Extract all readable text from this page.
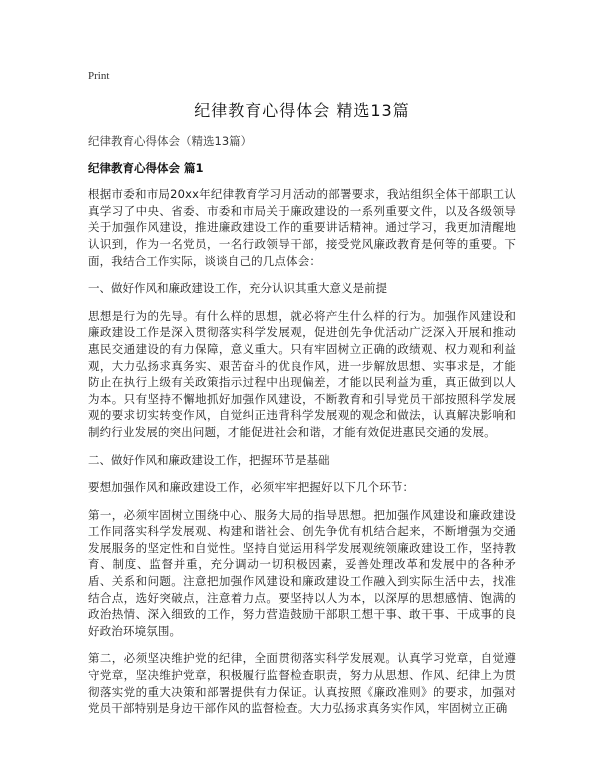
Print
纪律教育心得体会 精选13篇

纪律教育心得体会（精选13篇）

纪律教育心得体会 篇1

根据市委和市局20xx年纪律教育学习月活动的部署要求，我站组织全体干部职工认真学习了中央、省委、市委和市局关于廉政建设的一系列重要文件，以及各级领导关于加强作风建设，推进廉政建设工作的重要讲话精神。通过学习，我更加清醒地认识到，作为一名党员，一名行政领导干部，接受党风廉政教育是何等的重要。下面，我结合工作实际，谈谈自己的几点体会：

一、做好作风和廉政建设工作，充分认识其重大意义是前提

思想是行为的先导。有什么样的思想，就必将产生什么样的行为。加强作风建设和廉政建设工作是深入贯彻落实科学发展观，促进创先争优活动广泛深入开展和推动惠民交通建设的有力保障，意义重大。只有牢固树立正确的政绩观、权力观和利益观，大力弘扬求真务实、艰苦奋斗的优良作风，进一步解放思想、实事求是，才能防止在执行上级有关政策指示过程中出现偏差，才能以民利益为重，真正做到以人为本。只有坚持不懈地抓好加强作风建设，不断教育和引导党员干部按照科学发展观的要求切实转变作风，自觉纠正违背科学发展观的观念和做法，认真解决影响和制约行业发展的突出问题，才能促进社会和谐，才能有效促进惠民交通的发展。

二、做好作风和廉政建设工作，把握环节是基础

要想加强作风和廉政建设工作，必须牢牢把握好以下几个环节：

第一，必须牢固树立围绕中心、服务大局的指导思想。把加强作风建设和廉政建设工作同落实科学发展观、构建和谐社会、创先争优有机结合起来，不断增强为交通发展服务的坚定性和自觉性。坚持自觉运用科学发展观统领廉政建设工作，坚持教育、制度、监督并重，充分调动一切积极因素，妥善处理改革和发展中的各种矛盾、关系和问题。注意把加强作风建设和廉政建设工作融入到实际生活中去，找准结合点，选好突破点，注意着力点。要坚持以人为本，以深厚的思想感情、饱满的政治热情、深入细致的工作，努力营造鼓励干部职工想干事、敢干事、干成事的良好政治环境氛围。

第二，必须坚决维护党的纪律，全面贯彻落实科学发展观。认真学习党章，自觉遵守党章，坚决维护党章，积极履行监督检查职责，努力从思想、作风、纪律上为贯彻落实党的重大决策和部署提供有力保证。认真按照《廉政准则》的要求，加强对党员干部特别是身边干部作风的监督检查。大力弘扬求真务实作风，牢固树立正确
